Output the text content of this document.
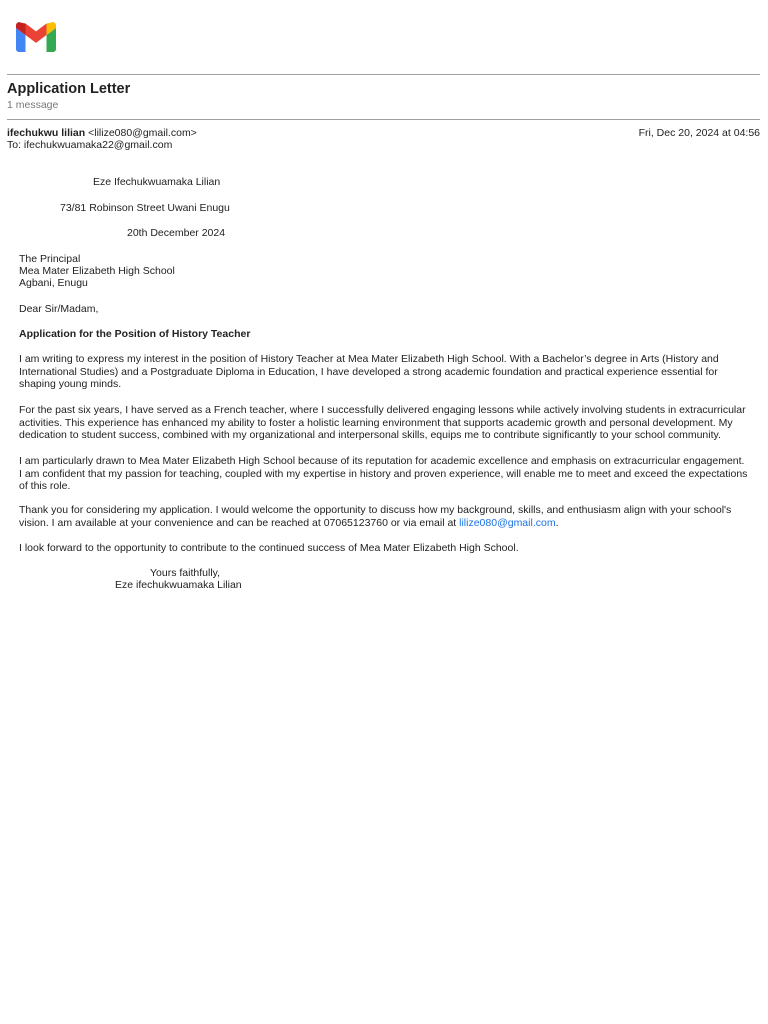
Application Letter
1 message
ifechukwu lilian <lilize080@gmail.com>	Fri, Dec 20, 2024 at 04:56
To: ifechukwuamaka22@gmail.com
Eze Ifechukwuamaka Lilian
73/81 Robinson Street Uwani Enugu
20th December 2024
The Principal
Mea Mater Elizabeth High School
Agbani, Enugu
Dear Sir/Madam,
Application for the Position of History Teacher
I am writing to express my interest in the position of History Teacher at Mea Mater Elizabeth High School. With a Bachelor’s degree in Arts (History and International Studies) and a Postgraduate Diploma in Education, I have developed a strong academic foundation and practical experience essential for shaping young minds.
For the past six years, I have served as a French teacher, where I successfully delivered engaging lessons while actively involving students in extracurricular activities. This experience has enhanced my ability to foster a holistic learning environment that supports academic growth and personal development. My dedication to student success, combined with my organizational and interpersonal skills, equips me to contribute significantly to your school community.
I am particularly drawn to Mea Mater Elizabeth High School because of its reputation for academic excellence and emphasis on extracurricular engagement. I am confident that my passion for teaching, coupled with my expertise in history and proven experience, will enable me to meet and exceed the expectations of this role.
Thank you for considering my application. I would welcome the opportunity to discuss how my background, skills, and enthusiasm align with your school's vision. I am available at your convenience and can be reached at 07065123760 or via email at lilize080@gmail.com.
I look forward to the opportunity to contribute to the continued success of Mea Mater Elizabeth High School.
Yours faithfully,
Eze ifechukwuamaka Lilian
